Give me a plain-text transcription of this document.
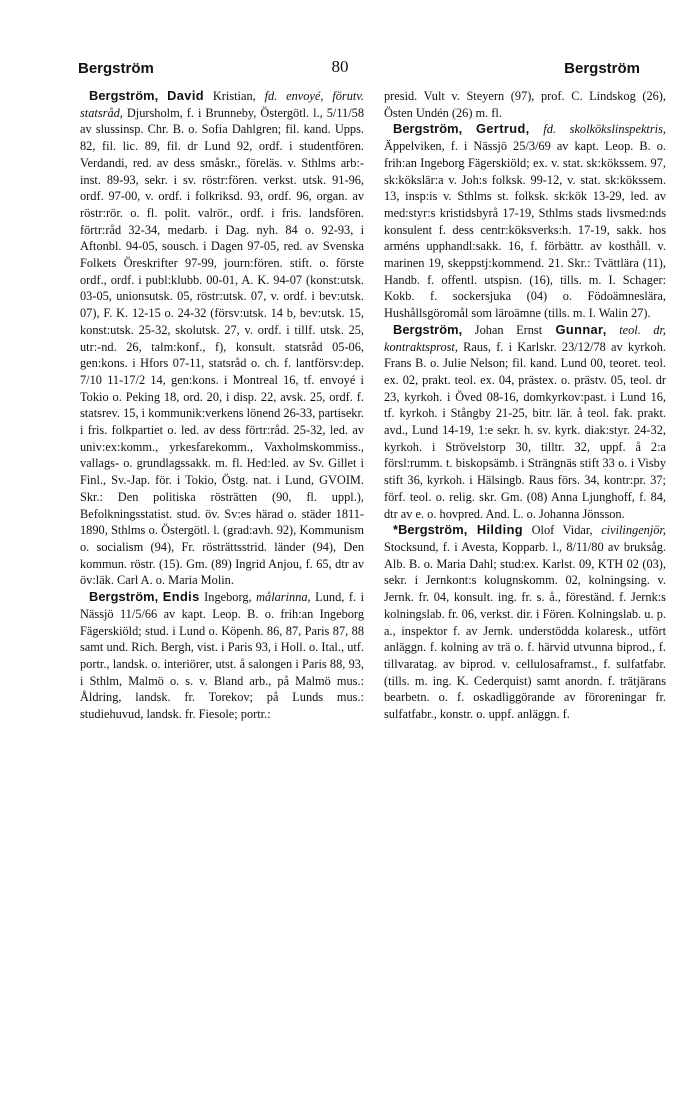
Bergström	80	Bergström

Bergström, David Kristian, fd. envoyé, förutv. statsråd, Djursholm, f. i Brunneby, Östergötl. l., 5/11/58 av slussinsp. Chr. B. o. Sofia Dahlgren; fil. kand. Upps. 82, fil. lic. 89, fil. dr Lund 92, ordf. i studentfören. Verdandi, red. av dess småskr., föreläs. v. Sthlms arb:-inst. 89-93, sekr. i sv. röstr:fören. verkst. utsk. 91-96, ordf. 97-00, v. ordf. i folkriksd. 93, ordf. 96, organ. av röstr:rör. o. fl. polit. valrör., ordf. i fris. landsfören. förtr:råd 32-34, medarb. i Dag. nyh. 84 o. 92-93, i Aftonbl. 94-05, sousch. i Dagen 97-05, red. av Svenska Folkets Öreskrifter 97-99, journ:fören. stift. o. förste ordf., ordf. i publ:klubb. 00-01, A. K. 94-07 (konst:utsk. 03-05, unionsutsk. 05, röstr:utsk. 07, v. ordf. i bev:utsk. 07), F. K. 12-15 o. 24-32 (försv:utsk. 14 b, bev:utsk. 15, konst:utsk. 25-32, skolutsk. 27, v. ordf. i tillf. utsk. 25, utr:-nd. 26, talm:konf., f), konsult. statsråd 05-06, gen:kons. i Hfors 07-11, statsråd o. ch. f. lantförsv:dep. 7/10 11-17/2 14, gen:kons. i Montreal 16, tf. envoyé i Tokio o. Peking 18, ord. 20, i disp. 22, avsk. 25, ordf. f. statsrev. 15, i kommunik:verkens lönend 26-33, partisekr. i fris. folkpartiet o. led. av dess förtr:råd. 25-32, led. av univ:ex:komm., yrkesfarekomm., Vaxholmskommiss., vallags- o. grundlagssakk. m. fl. Hed:led. av Sv. Gillet i Finl., Sv.-Jap. för. i Tokio, Östg. nat. i Lund, GVOIM. Skr.: Den politiska rösträtten (90, fl. uppl.), Befolkningsstatist. stud. öv. Sv:es härad o. städer 1811-1890, Sthlms o. Östergötl. l. (grad:avh. 92), Kommunism o. socialism (94), Fr. rösträttsstrid. länder (94), Den kommun. röstr. (15). Gm. (89) Ingrid Anjou, f. 65, dtr av öv:läk. Carl A. o. Maria Molin.

Bergström, Endis Ingeborg, målarinna, Lund, f. i Nässjö 11/5/66 av kapt. Leop. B. o. frih:an Ingeborg Fägerskiöld; stud. i Lund o. Köpenh. 86, 87, Paris 87, 88 samt und. Rich. Bergh, vist. i Paris 93, i Holl. o. Ital., utf. portr., landsk. o. interiörer, utst. å salongen i Paris 88, 93, i Sthlm, Malmö o. s. v. Bland arb., på Malmö mus.: Åldring, landsk. fr. Torekov; på Lunds mus.: studiehuvud, landsk. fr. Fiesole; portr.:

presid. Vult v. Steyern (97), prof. C. Lindskog (26), Östen Undén (26) m. fl.

Bergström, Gertrud, fd. skolkökslinspektris, Äppelviken, f. i Nässjö 25/3/69 av kapt. Leop. B. o. frih:an Ingeborg Fägerskiöld; ex. v. stat. sk:kökssem. 97, sk:kökslär:a v. Joh:s folksk. 99-12, v. stat. sk:kökssem. 13, insp:is v. Sthlms st. folksk. sk:kök 13-29, led. av med:styr:s kristidsbyrå 17-19, Sthlms stads livsmed:nds konsulent f. dess centr:köksverks:h. 17-19, sakk. hos arméns upphandl:sakk. 16, f. förbättr. av kosthåll. v. marinen 19, skeppstj:kommend. 21. Skr.: Tvättlära (11), Handb. f. offentl. utspisn. (16), tills. m. I. Schager: Kokb. f. sockersjuka (04) o. Födoämneslära, Hushållsgöromål som läroämne (tills. m. I. Walin 27).

Bergström, Johan Ernst Gunnar, teol. dr, kontraktsprost, Raus, f. i Karlskr. 23/12/78 av kyrkoh. Frans B. o. Julie Nelson; fil. kand. Lund 00, teoret. teol. ex. 02, prakt. teol. ex. 04, prästex. o. prästv. 05, teol. dr 23, kyrkoh. i Öved 08-16, domkyrkov:past. i Lund 16, tf. kyrkoh. i Stångby 21-25, bitr. lär. å teol. fak. prakt. avd., Lund 14-19, 1:e sekr. h. sv. kyrk. diak:styr. 24-32, kyrkoh. i Strövelstorp 30, tilltr. 32, uppf. å 2:a försl:rumm. t. biskopsämb. i Strängnäs stift 33 o. i Visby stift 36, kyrkoh. i Hälsingb. Raus förs. 34, kontr:pr. 37; förf. teol. o. relig. skr. Gm. (08) Anna Ljunghoff, f. 84, dtr av e. o. hovpred. And. L. o. Johanna Jönsson.

*Bergström, Hilding Olof Vidar, civilingenjör, Stocksund, f. i Avesta, Kopparb. l., 8/11/80 av bruksåg. Alb. B. o. Maria Dahl; stud:ex. Karlst. 09, KTH 02 (03), sekr. i Jernkont:s kolugnskomm. 02, kolningsing. v. Jernk. fr. 04, konsult. ing. fr. s. å., föreständ. f. Jernk:s kolningslab. fr. 06, verkst. dir. i Fören. Kolningslab. u. p. a., inspektor f. av Jernk. understödda kolaresk., utfört anläggn. f. kolning av trä o. f. härvid utvunna biprod., f. tillvaratag. av biprod. v. cellulosaframst., f. sulfatfabr. (tills. m. ing. K. Cederquist) samt anordn. f. trätjärans bearbetn. o. f. oskadliggörande av föroreningar fr. sulfatfabr., konstr. o. uppf. anläggn. f.
